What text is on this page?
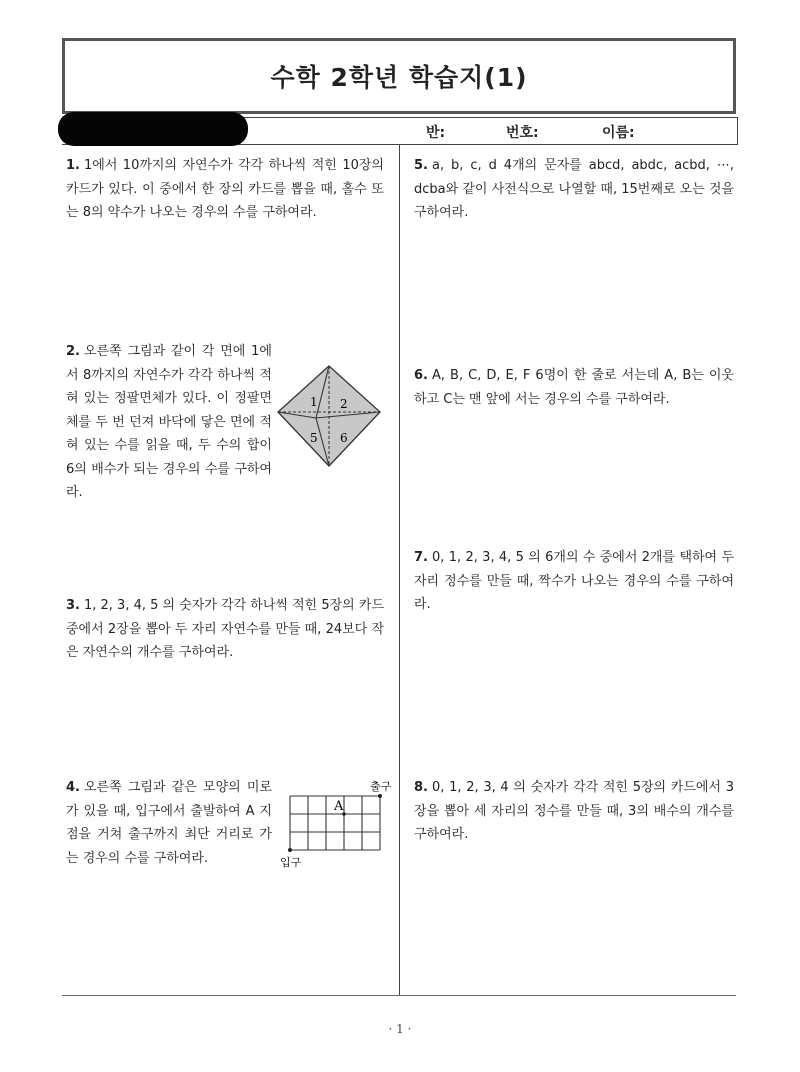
수학 2학년 학습지(1)
반:	번호:	이름:
1. 1에서 10까지의 자연수가 각각 하나씩 적힌 10장의 카드가 있다. 이 중에서 한 장의 카드를 뽑을 때, 홀수 또는 8의 약수가 나오는 경우의 수를 구하여라.
2. 오른쪽 그림과 같이 각 면에 1에서 8까지의 자연수가 각각 하나씩 적혀 있는 정팔면체가 있다. 이 정팔면체를 두 번 던져 바닥에 닿은 면에 적혀 있는 수를 읽을 때, 두 수의 합이 6의 배수가 되는 경우의 수를 구하여라.
1 2
5 6
3. 1, 2, 3, 4, 5 의 숫자가 각각 하나씩 적힌 5장의 카드 중에서 2장을 뽑아 두 자리 자연수를 만들 때, 24보다 작은 자연수의 개수를 구하여라.
4. 오른쪽 그림과 같은 모양의 미로가 있을 때, 입구에서 출발하여 A 지점을 거쳐 출구까지 최단 거리로 가는 경우의 수를 구하여라.
A
출구
입구
5. a, b, c, d 4개의 문자를 abcd, abdc, acbd, ⋯, dcba와 같이 사전식으로 나열할 때, 15번째로 오는 것을 구하여라.
6. A, B, C, D, E, F 6명이 한 줄로 서는데 A, B는 이웃하고 C는 맨 앞에 서는 경우의 수를 구하여라.
7. 0, 1, 2, 3, 4, 5 의 6개의 수 중에서 2개를 택하여 두 자리 정수를 만들 때, 짝수가 나오는 경우의 수를 구하여라.
8. 0, 1, 2, 3, 4 의 숫자가 각각 적힌 5장의 카드에서 3장을 뽑아 세 자리의 정수를 만들 때, 3의 배수의 개수를 구하여라.
· 1 ·
